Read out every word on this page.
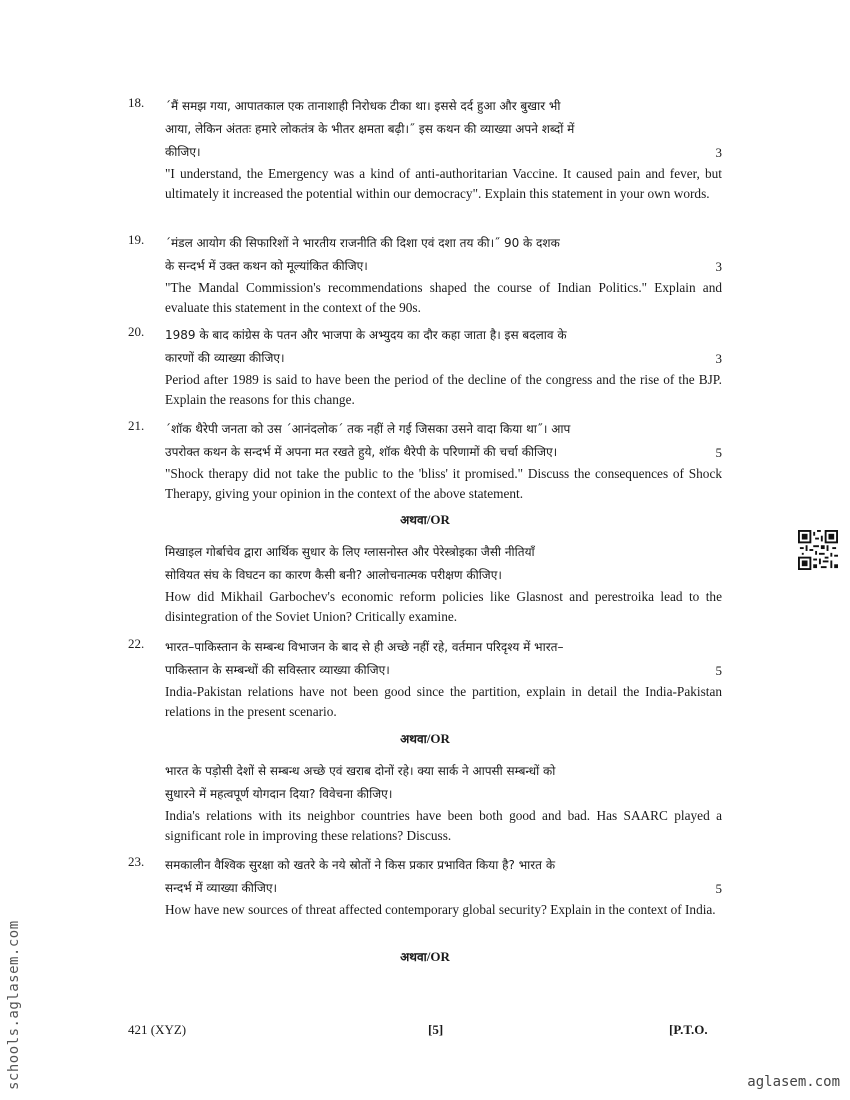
18. ´मैं समझ गया, आपातकाल एक तानाशाही निरोधक टीका था। इससे दर्द हुआ और बुखार भी
आया, लेकिन अंततः हमारे लोकतंत्र के भीतर क्षमता बढ़ी।˝ इस कथन की व्याख्या अपने शब्दों में
कीजिए।	3
"I understand, the Emergency was a kind of anti-authoritarian Vaccine. It caused pain and fever, but ultimately it increased the potential within our democracy". Explain this statement in your own words.
19. ´मंडल आयोग की सिफारिशों ने भारतीय राजनीति की दिशा एवं दशा तय की।˝ 90 के दशक
के सन्दर्भ में उक्त कथन को मूल्यांकित कीजिए।	3
"The Mandal Commission's recommendations shaped the course of Indian Politics." Explain and evaluate this statement in the context of the 90s.
20. 1989 के बाद कांग्रेस के पतन और भाजपा के अभ्युदय का दौर कहा जाता है। इस बदलाव के
कारणों की व्याख्या कीजिए।	3
Period after 1989 is said to have been the period of the decline of the congress and the rise of the BJP. Explain the reasons for this change.
21. ´शॉक थैरेपी जनता को उस ´आनंदलोक´ तक नहीं ले गई जिसका उसने वादा किया था˝। आप
उपरोक्त कथन के सन्दर्भ में अपना मत रखते हुये, शॉक थैरेपी के परिणामों की चर्चा कीजिए।	5
"Shock therapy did not take the public to the 'bliss' it promised." Discuss the consequences of Shock Therapy, giving your opinion in the context of the above statement.
अथवा/OR
मिखाइल गोर्बाचेव द्वारा आर्थिक सुधार के लिए ग्लासनोस्त और पेरेस्त्रोइका जैसी नीतियाँ
सोवियत संघ के विघटन का कारण कैसी बनी? आलोचनात्मक परीक्षण कीजिए।
How did Mikhail Garbochev's economic reform policies like Glasnost and perestroika lead to the disintegration of the Soviet Union? Critically examine.
22. भारत–पाकिस्तान के सम्बन्ध विभाजन के बाद से ही अच्छे नहीं रहे, वर्तमान परिदृश्य में भारत–
पाकिस्तान के सम्बन्धों की सविस्तार व्याख्या कीजिए।	5
India-Pakistan relations have not been good since the partition, explain in detail the India-Pakistan relations in the present scenario.
अथवा/OR
भारत के पड़ोसी देशों से सम्बन्ध अच्छे एवं खराब दोनों रहे। क्या सार्क ने आपसी सम्बन्धों को
सुधारने में महत्वपूर्ण योगदान दिया? विवेचना कीजिए।
India's relations with its neighbor countries have been both good and bad. Has SAARC played a significant role in improving these relations? Discuss.
23. समकालीन वैश्विक सुरक्षा को खतरे के नये स्रोतों ने किस प्रकार प्रभावित किया है? भारत के
सन्दर्भ में व्याख्या कीजिए।	5
How have new sources of threat affected contemporary global security? Explain in the context of India.
अथवा/OR
421 (XYZ)	[5]	[P.T.O.
schools.aglasem.com	aglasem.com
